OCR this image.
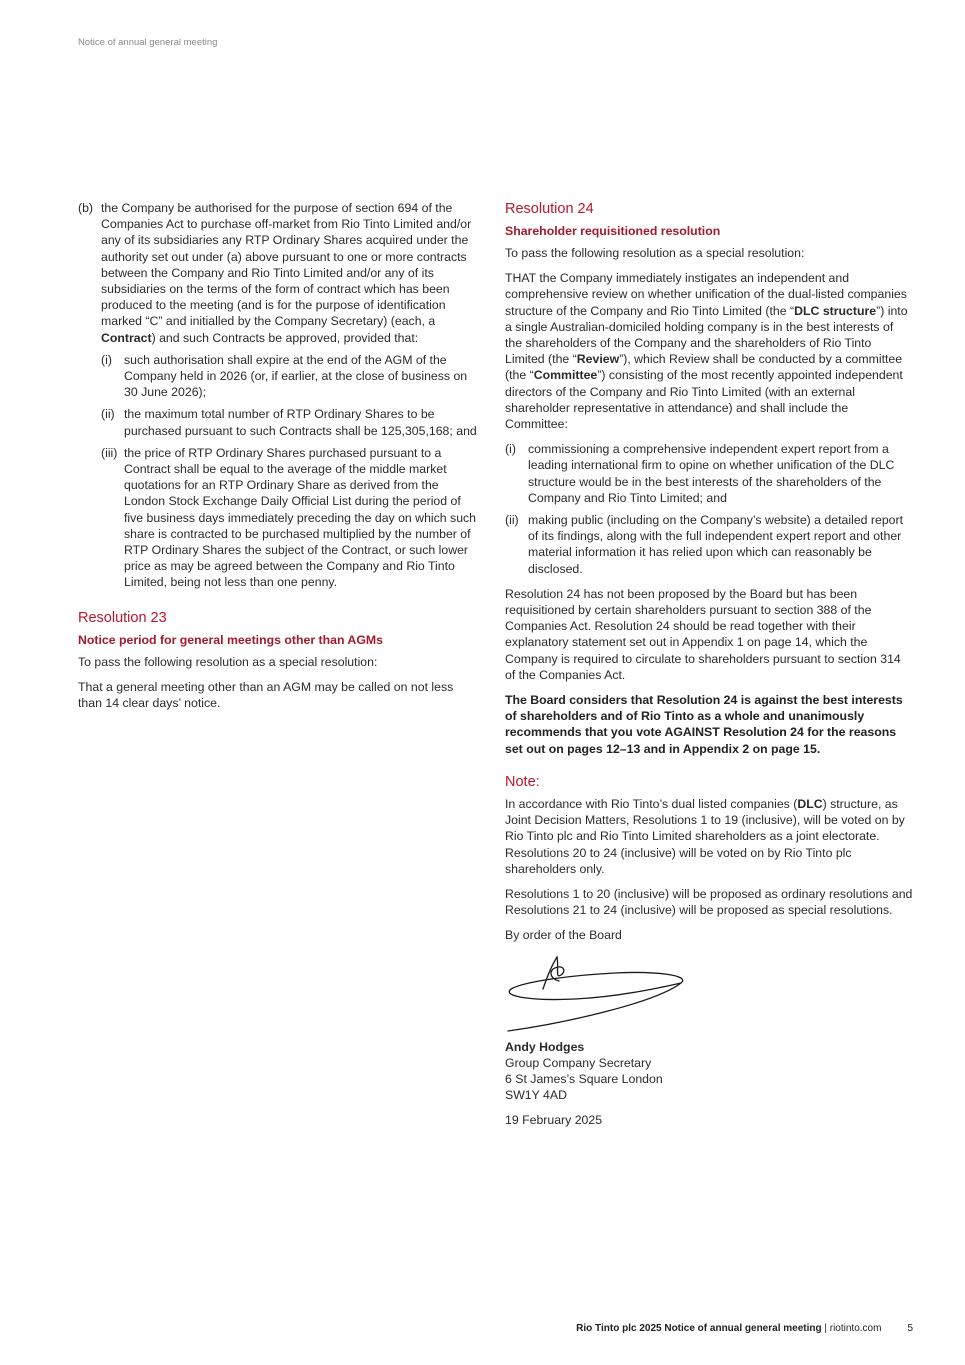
Notice of annual general meeting
(b) the Company be authorised for the purpose of section 694 of the Companies Act to purchase off-market from Rio Tinto Limited and/or any of its subsidiaries any RTP Ordinary Shares acquired under the authority set out under (a) above pursuant to one or more contracts between the Company and Rio Tinto Limited and/or any of its subsidiaries on the terms of the form of contract which has been produced to the meeting (and is for the purpose of identification marked “C” and initialled by the Company Secretary) (each, a Contract) and such Contracts be approved, provided that:
(i) such authorisation shall expire at the end of the AGM of the Company held in 2026 (or, if earlier, at the close of business on 30 June 2026);
(ii) the maximum total number of RTP Ordinary Shares to be purchased pursuant to such Contracts shall be 125,305,168; and
(iii) the price of RTP Ordinary Shares purchased pursuant to a Contract shall be equal to the average of the middle market quotations for an RTP Ordinary Share as derived from the London Stock Exchange Daily Official List during the period of five business days immediately preceding the day on which such share is contracted to be purchased multiplied by the number of RTP Ordinary Shares the subject of the Contract, or such lower price as may be agreed between the Company and Rio Tinto Limited, being not less than one penny.
Resolution 23
Notice period for general meetings other than AGMs

To pass the following resolution as a special resolution:

That a general meeting other than an AGM may be called on not less than 14 clear days’ notice.

Resolution 24
Shareholder requisitioned resolution

To pass the following resolution as a special resolution:

THAT the Company immediately instigates an independent and comprehensive review on whether unification of the dual-listed companies structure of the Company and Rio Tinto Limited (the “DLC structure”) into a single Australian-domiciled holding company is in the best interests of the shareholders of the Company and the shareholders of Rio Tinto Limited (the “Review”), which Review shall be conducted by a committee (the “Committee”) consisting of the most recently appointed independent directors of the Company and Rio Tinto Limited (with an external shareholder representative in attendance) and shall include the Committee:

(i) commissioning a comprehensive independent expert report from a leading international firm to opine on whether unification of the DLC structure would be in the best interests of the shareholders of the Company and Rio Tinto Limited; and
(ii) making public (including on the Company’s website) a detailed report of its findings, along with the full independent expert report and other material information it has relied upon which can reasonably be disclosed.

Resolution 24 has not been proposed by the Board but has been requisitioned by certain shareholders pursuant to section 388 of the Companies Act. Resolution 24 should be read together with their explanatory statement set out in Appendix 1 on page 14, which the Company is required to circulate to shareholders pursuant to section 314 of the Companies Act.

The Board considers that Resolution 24 is against the best interests of shareholders and of Rio Tinto as a whole and unanimously recommends that you vote AGAINST Resolution 24 for the reasons set out on pages 12–13 and in Appendix 2 on page 15.

Note:

In accordance with Rio Tinto’s dual listed companies (DLC) structure, as Joint Decision Matters, Resolutions 1 to 19 (inclusive), will be voted on by Rio Tinto plc and Rio Tinto Limited shareholders as a joint electorate. Resolutions 20 to 24 (inclusive) will be voted on by Rio Tinto plc shareholders only.

Resolutions 1 to 20 (inclusive) will be proposed as ordinary resolutions and Resolutions 21 to 24 (inclusive) will be proposed as special resolutions.

By order of the Board

Andy Hodges

Group Company Secretary

6 St James’s Square London

SW1Y 4AD

19 February 2025

Rio Tinto plc 2025 Notice of annual general meeting | riotinto.com	5
